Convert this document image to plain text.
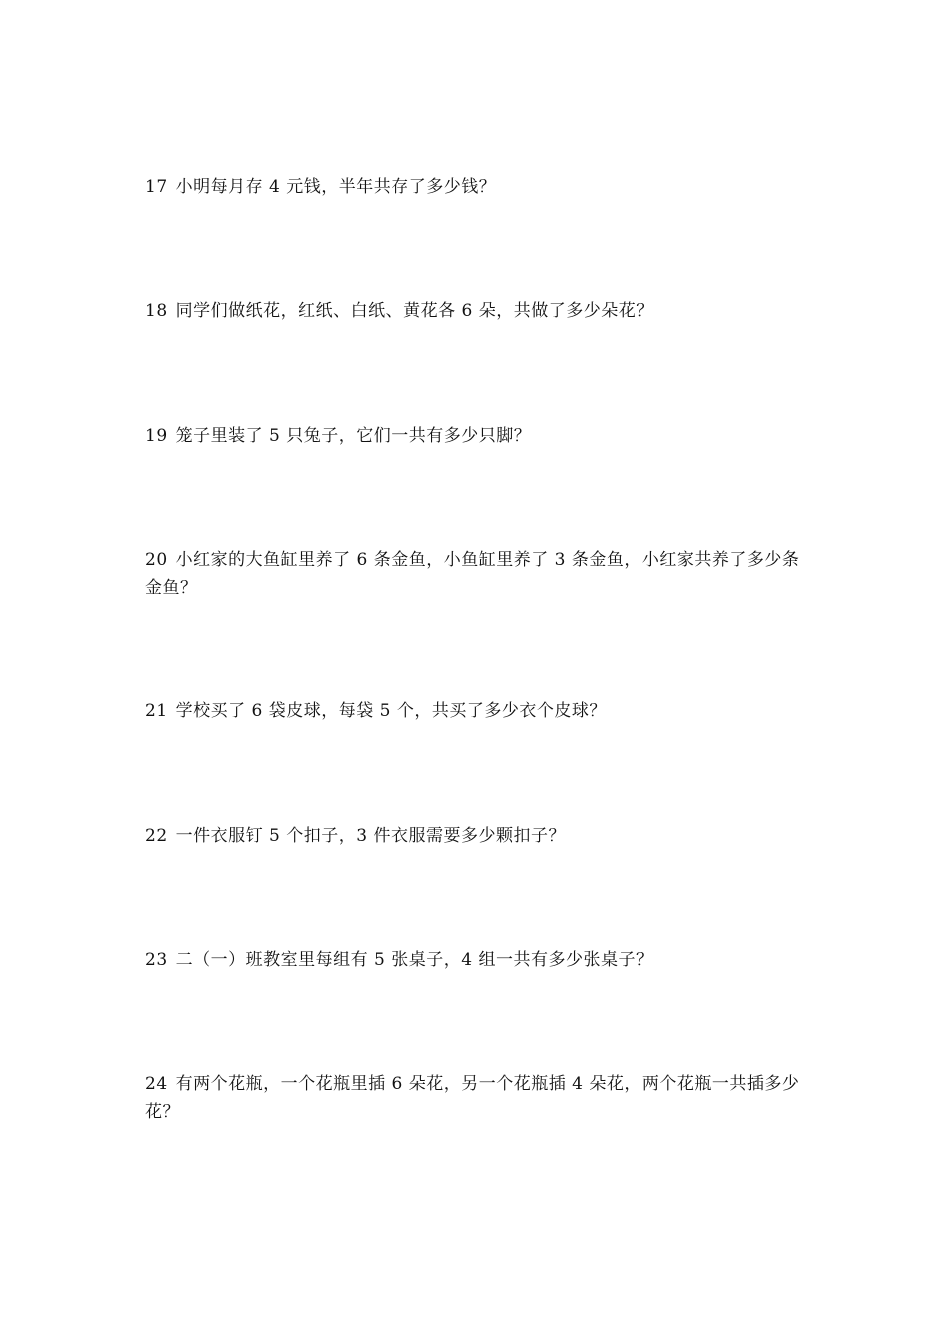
17 小明每月存 4 元钱，半年共存了多少钱？
18 同学们做纸花，红纸、白纸、黄花各 6 朵，共做了多少朵花？
19 笼子里装了 5 只兔子，它们一共有多少只脚？
20 小红家的大鱼缸里养了 6 条金鱼，小鱼缸里养了 3 条金鱼，小红家共养了多少条金鱼？
21 学校买了 6 袋皮球，每袋 5 个，共买了多少衣个皮球？
22 一件衣服钉 5 个扣子，3 件衣服需要多少颗扣子？
23 二（一）班教室里每组有 5 张桌子，4 组一共有多少张桌子？
24 有两个花瓶，一个花瓶里插 6 朵花，另一个花瓶插 4 朵花，两个花瓶一共插多少花？
